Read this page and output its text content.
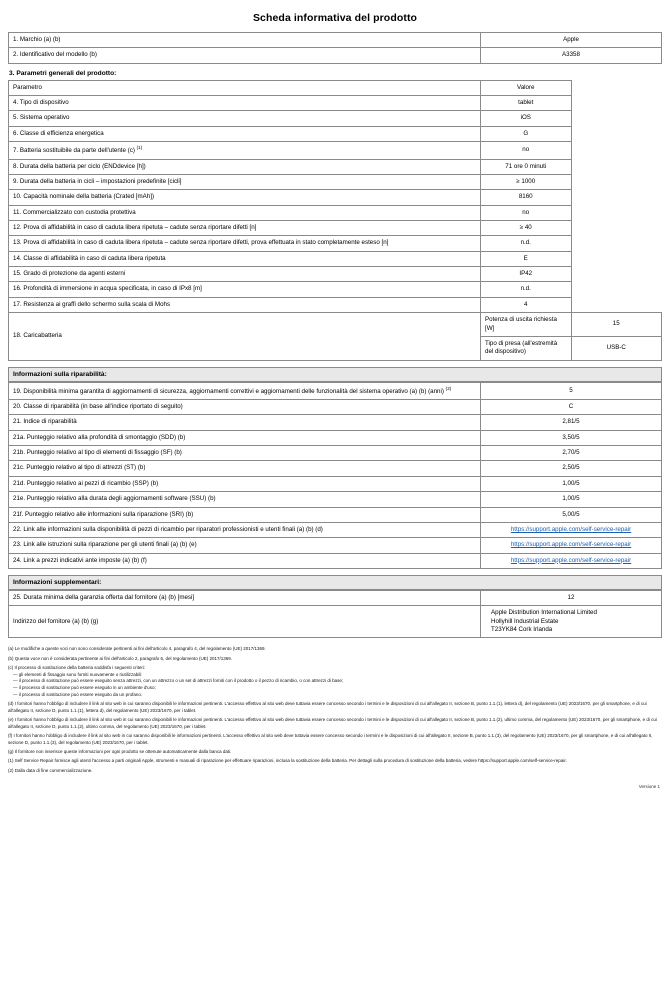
Scheda informativa del prodotto
1. Marchio (a) (b)	Apple
2. Identificativo del modello (b)	A3358
3. Parametri generali del prodotto:
Parametro	Valore	
4. Tipo di dispositivo	tablet	
5. Sistema operativo	iOS	
6. Classe di efficienza energetica	G	
7. Batteria sostituibile da parte dell'utente (c) $^{(1)}$	no	
8. Durata della batteria per ciclo (ENDdevice [h])	71 ore 0 minuti	
9. Durata della batteria in cicli – impostazioni predefinite [cicli]	≥ 1000	
10. Capacità nominale della batteria (Crated [mAh])	8160	
11. Commercializzato con custodia protettiva	no	
12. Prova di affidabilità in caso di caduta libera ripetuta – cadute senza riportare difetti [n]	≥ 40	
13. Prova di affidabilità in caso di caduta libera ripetuta – cadute senza riportare difetti, prova effettuata in stato completamente esteso [n]	n.d.	
14. Classe di affidabilità in caso di caduta libera ripetuta	E	
15. Grado di protezione da agenti esterni	IP42	
16. Profondità di immersione in acqua specificata, in caso di IPx8 [m]	n.d.	
17. Resistenza ai graffi dello schermo sulla scala di Mohs	4	
18. Caricabatteria	Potenza di uscita richiesta [W]	15
	Tipo di presa (all'estremità del dispositivo)	USB-C
Informazioni sulla riparabilità:
19. Disponibilità minima garantita di aggiornamenti di sicurezza, aggiornamenti correttivi e aggiornamenti delle funzionalità del sistema operativo (a) (b) (anni) $^{(2)}$	5
20. Classe di riparabilità (in base all'indice riportato di seguito)	C
21. Indice di riparabilità	2,81/5
21a. Punteggio relativo alla profondità di smontaggio (SDD) (b)	3,50/5
21b. Punteggio relativo al tipo di elementi di fissaggio (SF) (b)	2,70/5
21c. Punteggio relativo al tipo di attrezzi (ST) (b)	2,50/5
21d. Punteggio relativo ai pezzi di ricambio (SSP) (b)	1,00/5
21e. Punteggio relativo alla durata degli aggiornamenti software (SSU) (b)	1,00/5
21f. Punteggio relativo alle informazioni sulla riparazione (SRI) (b)	5,00/5
22. Link alle informazioni sulla disponibilità di pezzi di ricambio per riparatori professionisti e utenti finali (a) (b) (d)	https://support.apple.com/self-service-repair
23. Link alle istruzioni sulla riparazione per gli utenti finali (a) (b) (e)	https://support.apple.com/self-service-repair
24. Link a prezzi indicativi ante imposte (a) (b) (f)	https://support.apple.com/self-service-repair
Informazioni supplementari:
25. Durata minima della garanzia offerta dal fornitore (a) (b) [mesi]	12
Indirizzo del fornitore (a) (b) (g)	Apple Distribution International Limited
Hollyhill Industrial Estate
T23YK84 Cork Irlanda

(a) Le modifiche a queste voci non sono considerate pertinenti ai fini dell'articolo 4, paragrafo 4, del regolamento (UE) 2017/1369.

(b) Questa voce non è considerata pertinente ai fini dell'articolo 2, paragrafo 6, del regolamento (UE) 2017/1369.

(c) Il processo di sostituzione della batteria soddisfa i seguenti criteri:

— gli elementi di fissaggio sono forniti nuovamente o riutilizzabili

— il processo di sostituzione può essere eseguito senza attrezzi, con un attrezzo o un set di attrezzi forniti con il prodotto o il pezzo di ricambio, o con attrezzi di base;

— il processo di sostituzione può essere eseguito in un ambiente d'uso;

— il processo di sostituzione può essere eseguito da un profano.

(d) I fornitori hanno l'obbligo di includere il link al sito web in cui saranno disponibili le informazioni pertinenti. L'accesso effettivo al sito web deve tuttavia essere concesso secondo i termini e le disposizioni di cui all'allegato II, sezione B, punto 1.1.(1), lettera d), del regolamento (UE) 2023/1670, per gli smartphone, e di cui all'allegato II, sezione D, punto 1.1.(1), lettera d), del regolamento (UE) 2023/1670, per i tablet.

(e) I fornitori hanno l'obbligo di includere il link al sito web in cui saranno disponibili le informazioni pertinenti. L'accesso effettivo al sito web deve tuttavia essere concesso secondo i termini e le disposizioni di cui all'allegato II, sezione B, punto 1.1.(2), ultimo comma, del regolamento (UE) 2023/1670, per gli smartphone, e di cui all'allegato II, sezione D, punto 1.1.(2), ultimo comma, del regolamento (UE) 2023/1670, per i tablet.

(f) I fornitori hanno l'obbligo di includere il link al sito web in cui saranno disponibili le informazioni pertinenti. L'accesso effettivo al sito web deve tuttavia essere concesso secondo i termini e le disposizioni di cui all'allegato II, sezione B, punto 1.1.(3), del regolamento (UE) 2023/1670, per gli smartphone, e di cui all'allegato II, sezione D, punto 1.1.(3), del regolamento (UE) 2023/1670, per i tablet.

(g) Il fornitore non inserisce queste informazioni per ogni prodotto se ottenute automaticamente dalla banca dati.

(1) Self Service Repair fornisce agli utenti l'accesso a parti originali Apple, strumenti e manuali di riparazione per effettuare riparazioni, inclusa la sostituzione della batteria. Per dettagli sulla procedura di sostituzione della batteria, vedere https://support.apple.com/self-service-repair.

(2) Dalla data di fine commercializzazione.

Versione 1
